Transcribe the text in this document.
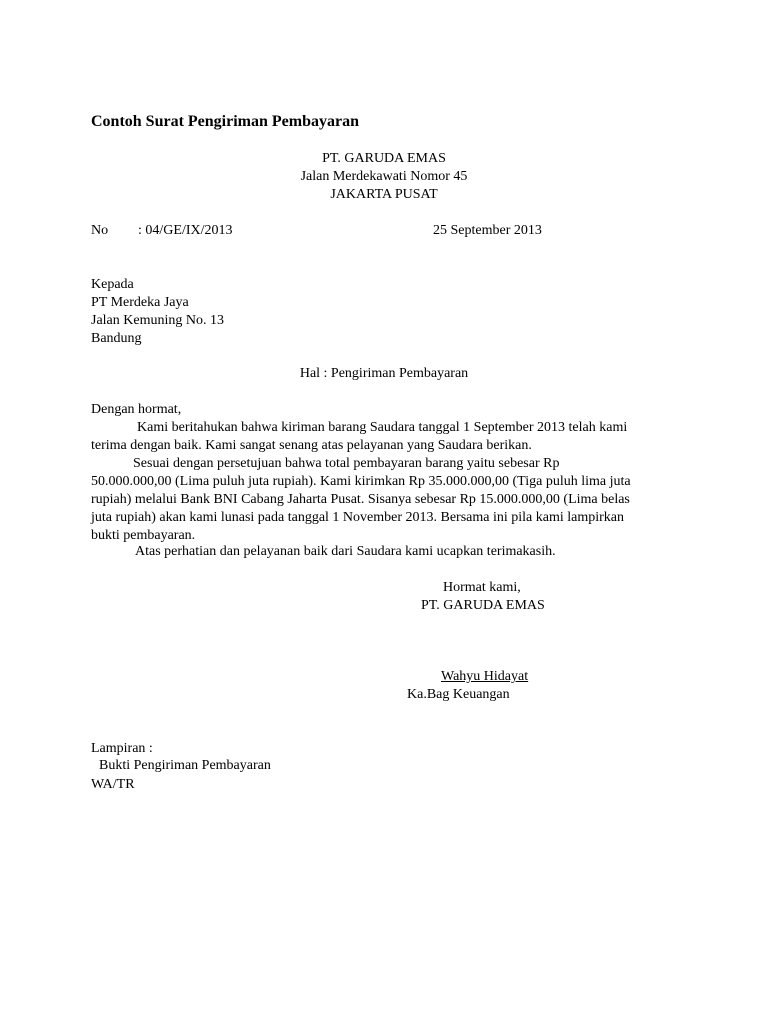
Contoh Surat Pengiriman Pembayaran
PT. GARUDA EMAS
Jalan Merdekawati Nomor 45
JAKARTA PUSAT
No : 04/GE/IX/2013	25 September 2013
Kepada
PT Merdeka Jaya
Jalan Kemuning No. 13
Bandung
Hal : Pengiriman Pembayaran
Dengan hormat,
Kami beritahukan bahwa kiriman barang Saudara tanggal 1 September 2013 telah kami
terima dengan baik. Kami sangat senang atas pelayanan yang Saudara berikan.
Sesuai dengan persetujuan bahwa total pembayaran barang yaitu sebesar Rp
50.000.000,00 (Lima puluh juta rupiah). Kami kirimkan Rp 35.000.000,00 (Tiga puluh lima juta
rupiah) melalui Bank BNI Cabang Jaharta Pusat. Sisanya sebesar Rp 15.000.000,00 (Lima belas
juta rupiah) akan kami lunasi pada tanggal 1 November 2013. Bersama ini pila kami lampirkan
bukti pembayaran.
Atas perhatian dan pelayanan baik dari Saudara kami ucapkan terimakasih.
Hormat kami,
PT. GARUDA EMAS
Wahyu Hidayat
Ka.Bag Keuangan
Lampiran :
Bukti Pengiriman Pembayaran
WA/TR
